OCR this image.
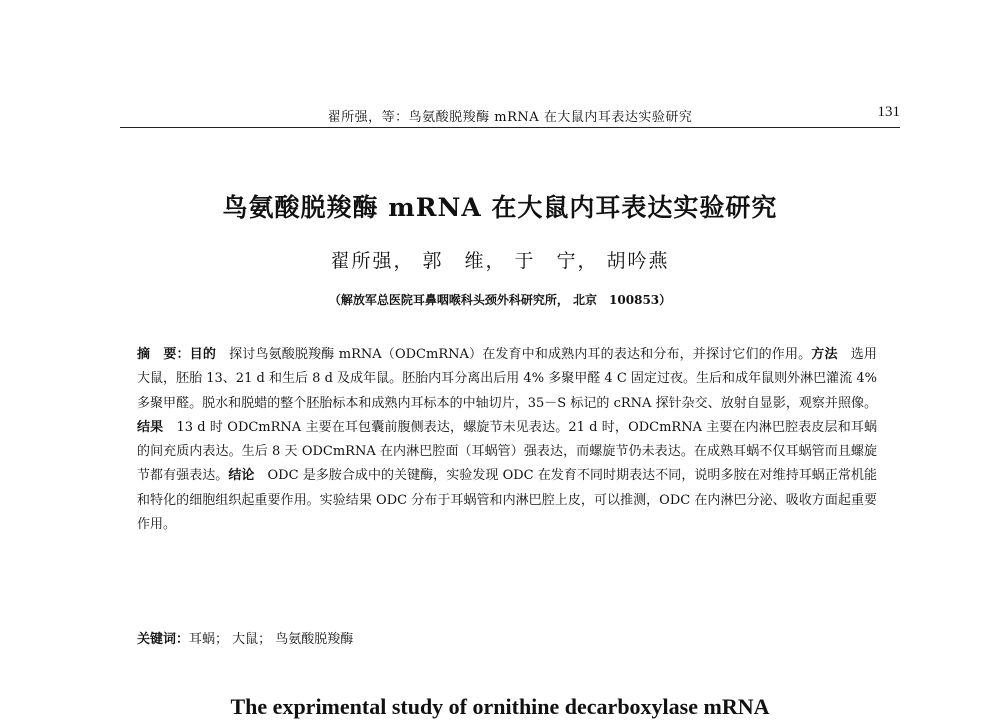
翟所强，等：鸟氨酸脱羧酶 mRNA 在大鼠内耳表达实验研究	131
鸟氨酸脱羧酶 mRNA 在大鼠内耳表达实验研究
翟所强， 郭　维， 于　宁， 胡吟燕
（解放军总医院耳鼻咽喉科头颈外科研究所， 北京　100853）

摘　要：目的　探讨鸟氨酸脱羧酶 mRNA（ODCmRNA）在发育中和成熟内耳的表达和分布，并探讨它们的作用。方法　选用大鼠，胚胎 13、21 d 和生后 8 d 及成年鼠。胚胎内耳分离出后用 4% 多聚甲醛 4 C 固定过夜。生后和成年鼠则外淋巴灌流 4% 多聚甲醛。脱水和脱蜡的整个胚胎标本和成熟内耳标本的中轴切片，35－S 标记的 cRNA 探针杂交、放射自显影，观察并照像。结果　13 d 时 ODCmRNA 主要在耳包囊前腹侧表达，螺旋节未见表达。21 d 时，ODCmRNA 主要在内淋巴腔表皮层和耳蜗的间充质内表达。生后 8 天 ODCmRNA 在内淋巴腔面（耳蜗管）强表达，而螺旋节仍未表达。在成熟耳蜗不仅耳蜗管而且螺旋节都有强表达。结论　ODC 是多胺合成中的关键酶，实验发现 ODC 在发育不同时期表达不同，说明多胺在对维持耳蜗正常机能和特化的细胞组织起重要作用。实验结果 ODC 分布于耳蜗管和内淋巴腔上皮，可以推测，ODC 在内淋巴分泌、吸收方面起重要作用。

关键词：耳蜗； 大鼠； 鸟氨酸脱羧酶
The exprimental study of ornithine decarboxylase mRNA
